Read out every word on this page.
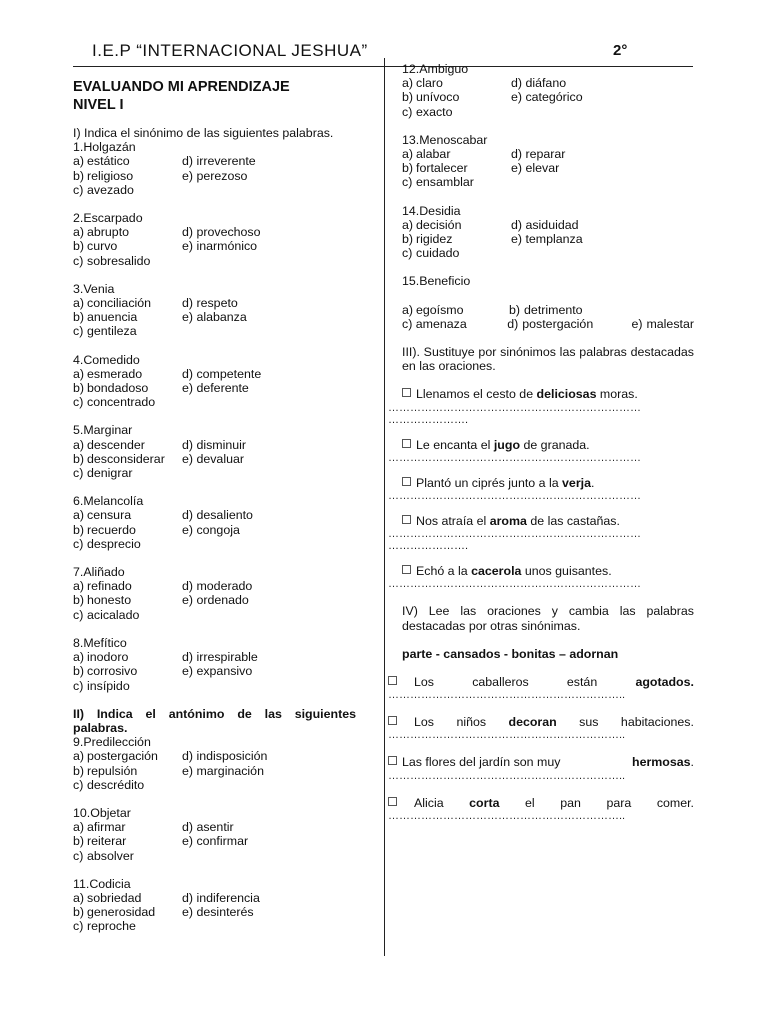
I.E.P “INTERNACIONAL JESHUA”	2°
EVALUANDO MI APRENDIZAJE
NIVEL I
I) Indica el sinónimo de las siguientes palabras.
1. Holgazán
a) estático	d) irreverente
b) religioso	e) perezoso
c) avezado
2. Escarpado
a) abrupto	d) provechoso
b) curvo	e) inarmónico
c) sobresalido
3. Venia
a) conciliación	d) respeto
b) anuencia	e) alabanza
c) gentileza
4. Comedido
a) esmerado	d) competente
b) bondadoso	e) deferente
c) concentrado
5. Marginar
a) descender	d) disminuir
b) desconsiderar	e) devaluar
c) denigrar
6. Melancolía
a) censura	d) desaliento
b) recuerdo	e) congoja
c) desprecio
7. Aliñado
a) refinado	d) moderado
b) honesto	e) ordenado
c) acicalado
8. Mefítico
a) inodoro	d) irrespirable
b) corrosivo	e) expansivo
c) insípido
II) Indica el antónimo de las siguientes palabras.
9. Predilección
a) postergación	d) indisposición
b) repulsión	e) marginación
c) descrédito
10. Objetar
a) afirmar	d) asentir
b) reiterar	e) confirmar
c) absolver
11. Codicia
a) sobriedad	d) indiferencia
b) generosidad	e) desinterés
c) reproche
12. Ambiguo
a) claro	d) diáfano
b) unívoco	e) categórico
c) exacto
13. Menoscabar
a) alabar	d) reparar
b) fortalecer	e) elevar
c) ensamblar
14. Desidia
a) decisión	d) asiduidad
b) rigidez	e) templanza
c) cuidado
15. Beneficio
a) egoísmo	b) detrimento
c) amenaza	d) postergación	e) malestar
III). Sustituye por sinónimos las palabras destacadas en las oraciones.
Llenamos el cesto de deliciosas moras.
……………………………………………………………
………………….
Le encanta el jugo de granada.
……………………………………………………………
Plantó un ciprés junto a la verja.
……………………………………………………………
Nos atraía el aroma de las castañas.
……………………………………………………………
………………….
Echó a la cacerola unos guisantes.
……………………………………………………………
IV) Lee las oraciones y cambia las palabras destacadas por otras sinónimas.
parte - cansados - bonitas – adornan
Los	caballeros	están	agotados.
………………………………………………………..
Los niños decoran sus habitaciones.
………………………………………………………..
Las flores del jardín son muy	hermosas.
………………………………………………………..
Alicia corta el pan para comer.
………………………………………………………..
